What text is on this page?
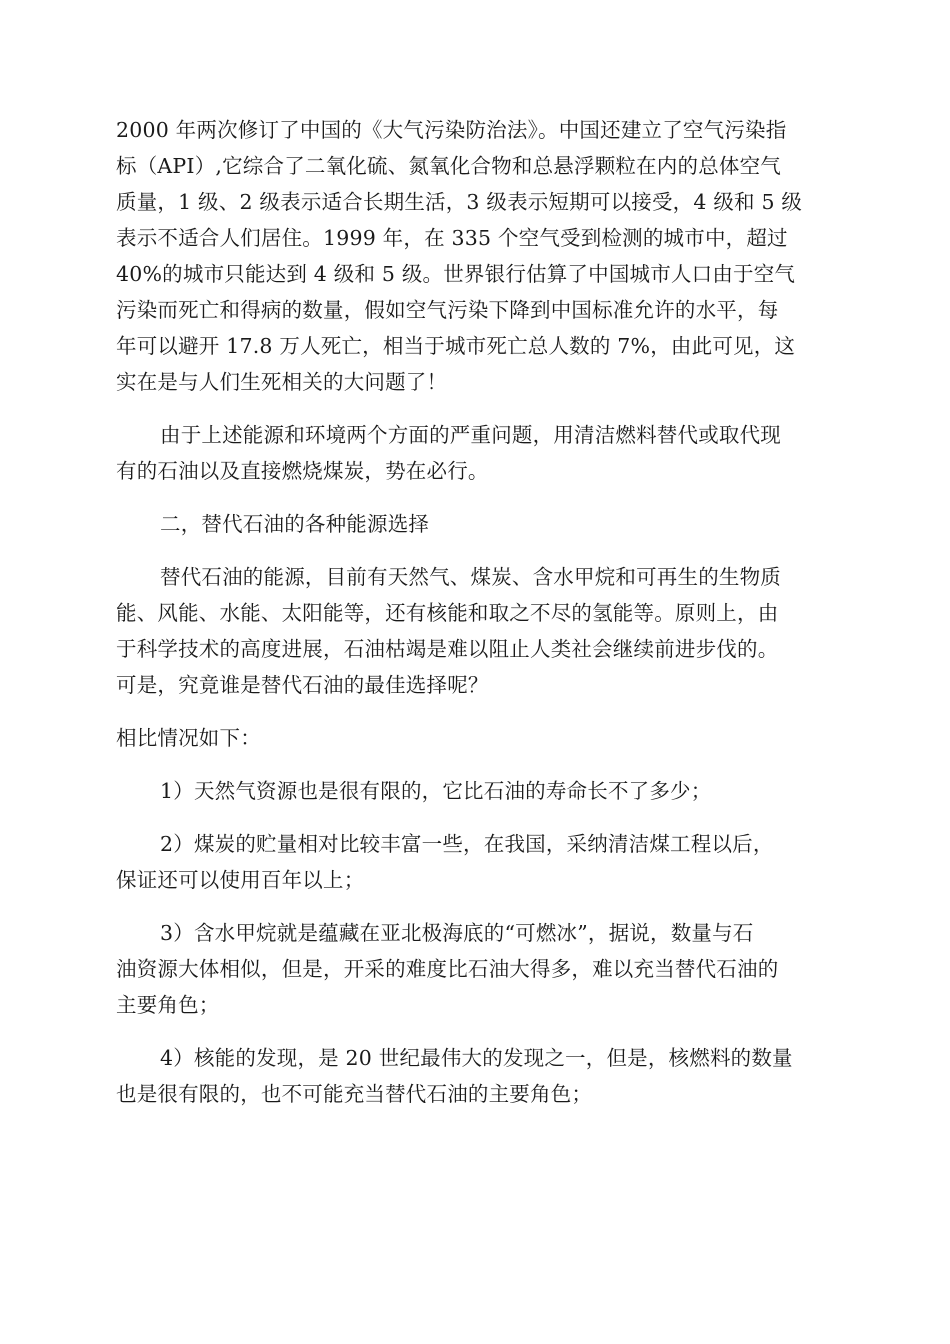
2000 年两次修订了中国的《大气污染防治法》。中国还建立了空气污染指
标（API）,它综合了二氧化硫、氮氧化合物和总悬浮颗粒在内的总体空气
质量，1 级、2 级表示适合长期生活，3 级表示短期可以接受，4 级和 5 级
表示不适合人们居住。1999 年，在 335 个空气受到检测的城市中，超过
40%的城市只能达到 4 级和 5 级。世界银行估算了中国城市人口由于空气
污染而死亡和得病的数量，假如空气污染下降到中国标准允许的水平，每
年可以避开 17.8 万人死亡，相当于城市死亡总人数的 7%，由此可见，这
实在是与人们生死相关的大问题了！

由于上述能源和环境两个方面的严重问题，用清洁燃料替代或取代现
有的石油以及直接燃烧煤炭，势在必行。

二，替代石油的各种能源选择

替代石油的能源，目前有天然气、煤炭、含水甲烷和可再生的生物质
能、风能、水能、太阳能等，还有核能和取之不尽的氢能等。原则上，由
于科学技术的高度进展，石油枯竭是难以阻止人类社会继续前进步伐的。
可是，究竟谁是替代石油的最佳选择呢？

相比情况如下：

1）天然气资源也是很有限的，它比石油的寿命长不了多少；

2）煤炭的贮量相对比较丰富一些，在我国，采纳清洁煤工程以后，
保证还可以使用百年以上；

3）含水甲烷就是蕴藏在亚北极海底的“可燃冰”，据说，数量与石
油资源大体相似，但是，开采的难度比石油大得多，难以充当替代石油的
主要角色；

4）核能的发现，是 20 世纪最伟大的发现之一，但是，核燃料的数量
也是很有限的，也不可能充当替代石油的主要角色；
